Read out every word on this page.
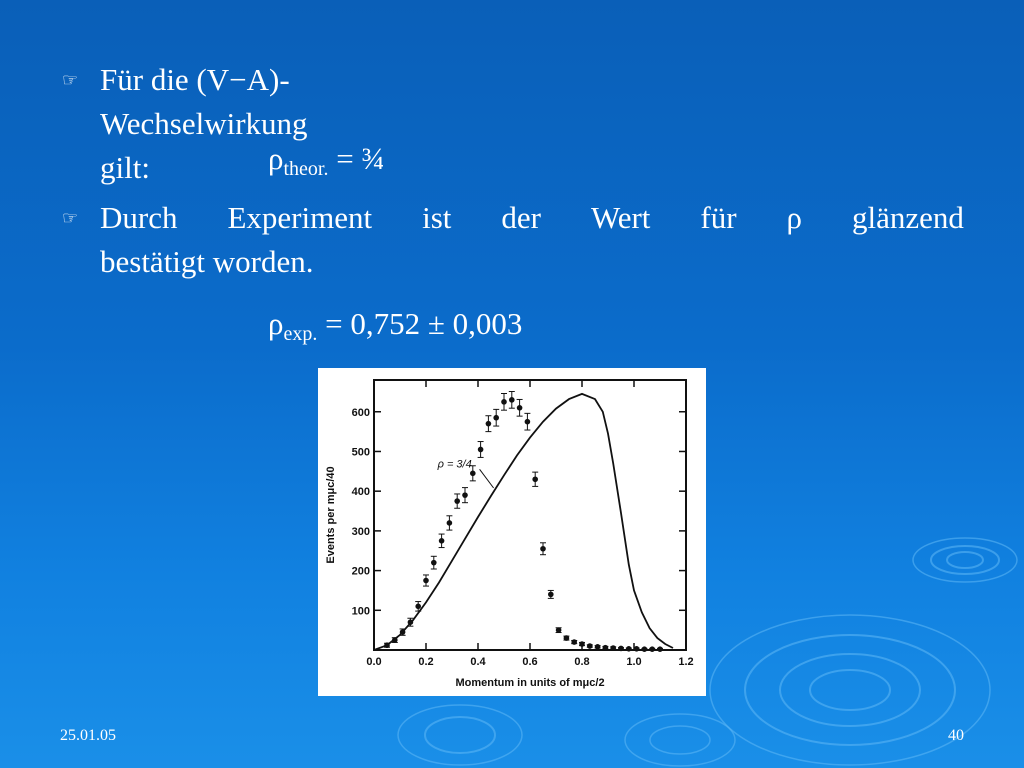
☞ Für die (V−A)-Wechselwirkung gilt:	$\rho_{theor.}$ = ¾
☞ Durch Experiment ist der Wert für ρ glänzend
bestätigt worden.
$\rho_{exp.} = 0,752 \pm 0,003$
100
200
300
400
500
600
0.0	0.2	0.4	0.6	0.8	1.0	1.2
Momentum in units of mμc/2
Events per mμc/40
ρ = 3/4
25.01.05	40
